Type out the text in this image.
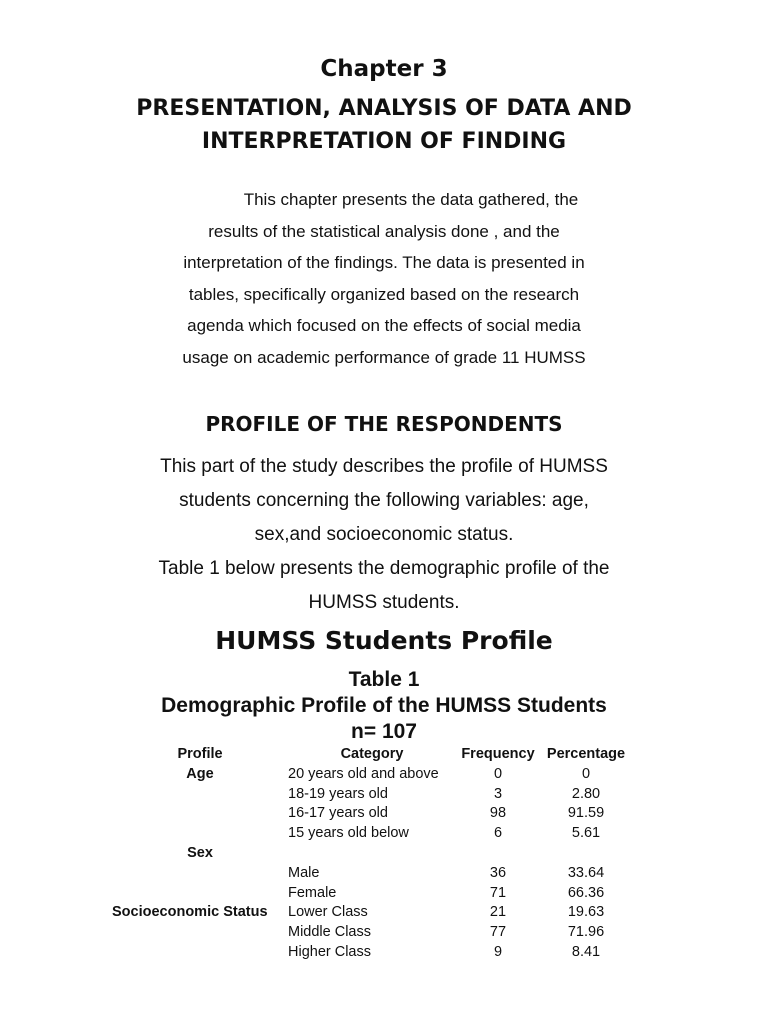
Chapter 3
PRESENTATION, ANALYSIS OF DATA AND
INTERPRETATION OF FINDING

This chapter presents the data gathered, the
results of the statistical analysis done , and the
interpretation of the findings. The data is presented in
tables, specifically organized based on the research
agenda which focused on the effects of social media
usage on academic performance of grade 11 HUMSS

PROFILE OF THE RESPONDENTS

This part of the study describes the profile of HUMSS
students concerning the following variables: age,
sex,and socioeconomic status.
Table 1 below presents the demographic profile of the
HUMSS students.

HUMSS Students Profile

Table 1

Demographic Profile of the HUMSS Students

n= 107

Profile	Category	Frequency	Percentage
Age	20 years old and above	0	0
	18-19 years old	3	2.80
	16-17 years old	98	91.59
	15 years old below	6	5.61
Sex			
	Male	36	33.64
	Female	71	66.36
Socioeconomic Status	Lower Class	21	19.63
	Middle Class	77	71.96
	Higher Class	9	8.41
